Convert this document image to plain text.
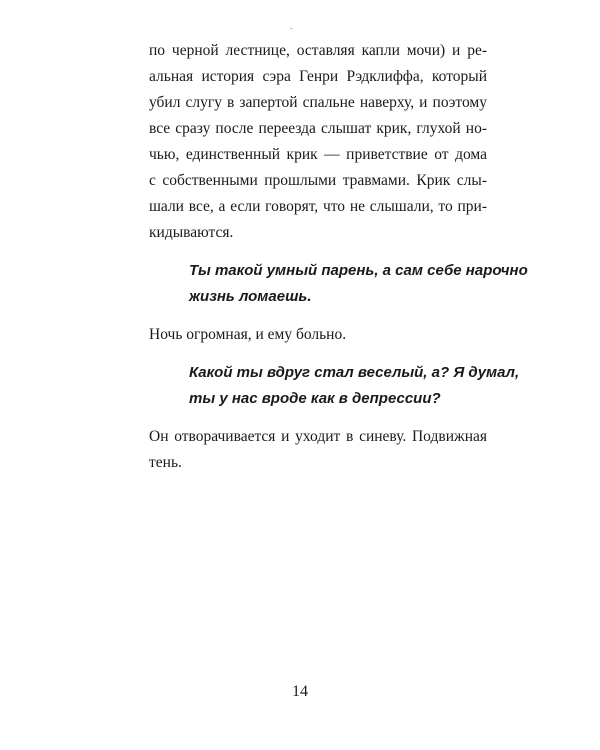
по черной лестнице, оставляя капли мочи) и ре-
альная история сэра Генри Рэдклиффа, который
убил слугу в запертой спальне наверху, и поэтому
все сразу после переезда слышат крик, глухой но-
чью, единственный крик — приветствие от дома
с собственными прошлыми травмами. Крик слы-
шали все, а если говорят, что не слышали, то при-
кидываются.

Ты такой умный парень, а сам себе нарочно
жизнь ломаешь.

Ночь огромная, и ему больно.

Какой ты вдруг стал веселый, а? Я думал,
ты у нас вроде как в депрессии?

Он отворачивается и уходит в синеву. Подвижная
тень.

14
